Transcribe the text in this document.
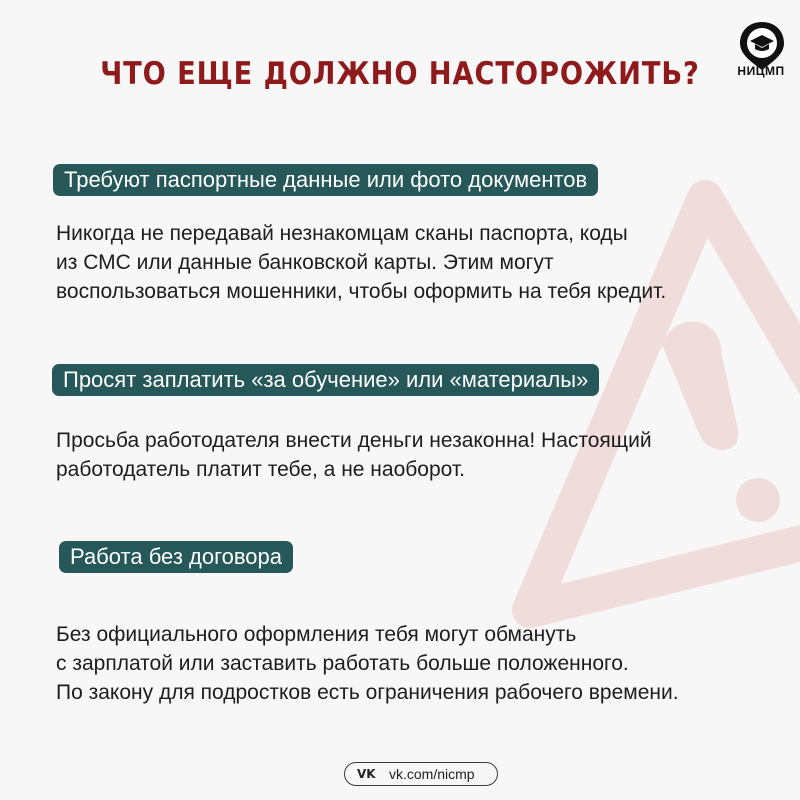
ЧТО ЕЩЕ ДОЛЖНО НАСТОРОЖИТЬ?	НИЦМП
Требуют паспортные данные или фото документов

Никогда не передавай незнакомцам сканы паспорта, коды
из СМС или данные банковской карты. Этим могут
воспользоваться мошенники, чтобы оформить на тебя кредит.

Просят заплатить «за обучение» или «материалы»

Просьба работодателя внести деньги незаконна! Настоящий
работодатель платит тебе, а не наоборот.

Работа без договора

Без официального оформления тебя могут обмануть
с зарплатой или заставить работать больше положенного.
По закону для подростков есть ограничения рабочего времени.

VK vk.com/nicmp
